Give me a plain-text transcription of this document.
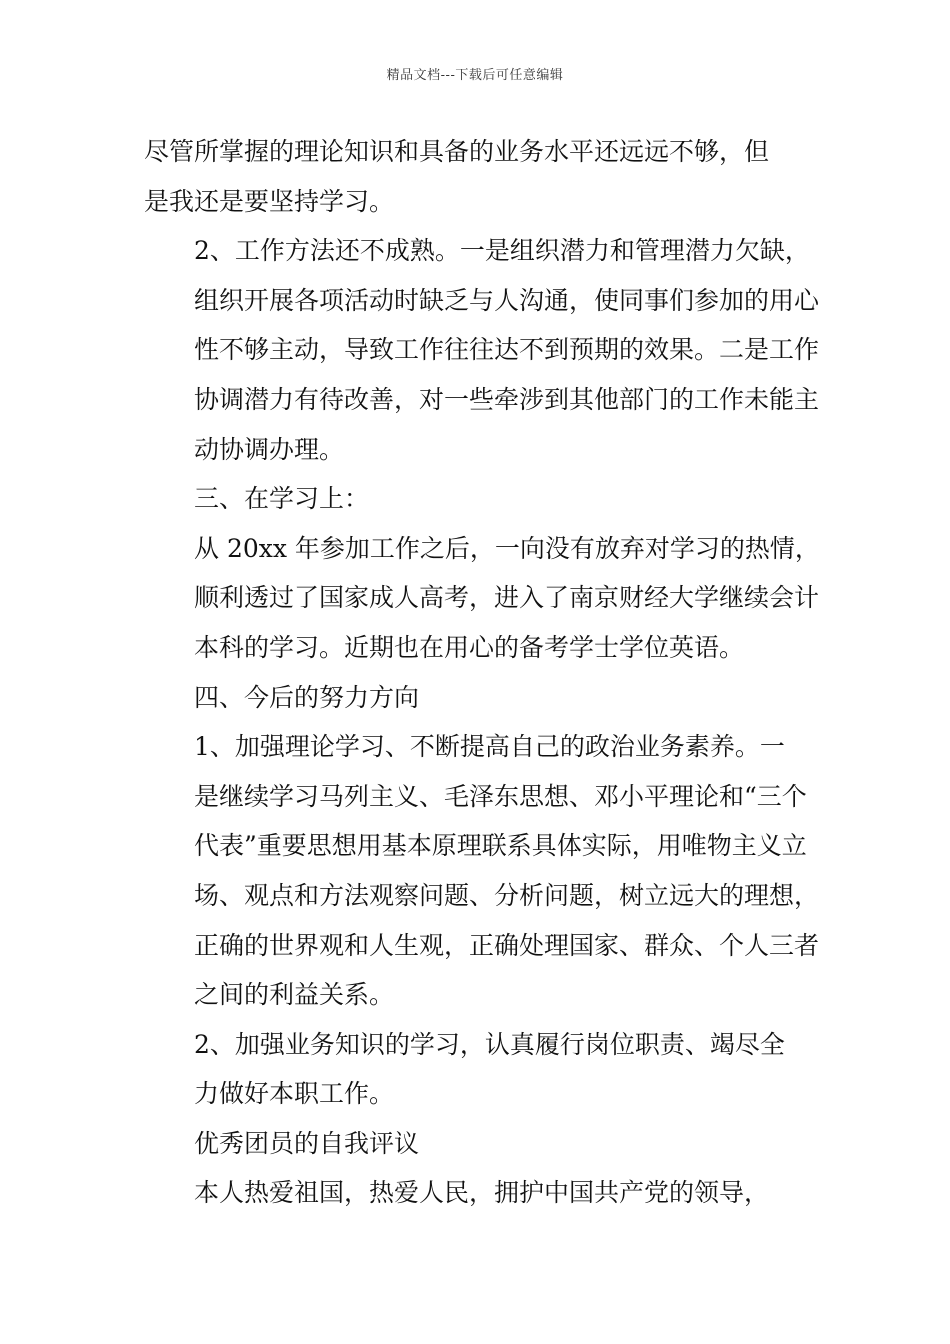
精品文档---下载后可任意编辑

尽管所掌握的理论知识和具备的业务水平还远远不够，但
是我还是要坚持学习。

2、工作方法还不成熟。一是组织潜力和管理潜力欠缺，
组织开展各项活动时缺乏与人沟通，使同事们参加的用心
性不够主动，导致工作往往达不到预期的效果。二是工作
协调潜力有待改善，对一些牵涉到其他部门的工作未能主
动协调办理。

三、在学习上：

从 20xx 年参加工作之后，一向没有放弃对学习的热情，
顺利透过了国家成人高考，进入了南京财经大学继续会计
本科的学习。近期也在用心的备考学士学位英语。

四、今后的努力方向

1、加强理论学习、不断提高自己的政治业务素养。一
是继续学习马列主义、毛泽东思想、邓小平理论和“三个
代表”重要思想用基本原理联系具体实际，用唯物主义立
场、观点和方法观察问题、分析问题，树立远大的理想，
正确的世界观和人生观，正确处理国家、群众、个人三者
之间的利益关系。

2、加强业务知识的学习，认真履行岗位职责、竭尽全
力做好本职工作。

优秀团员的自我评议

本人热爱祖国，热爱人民，拥护中国共产党的领导，
